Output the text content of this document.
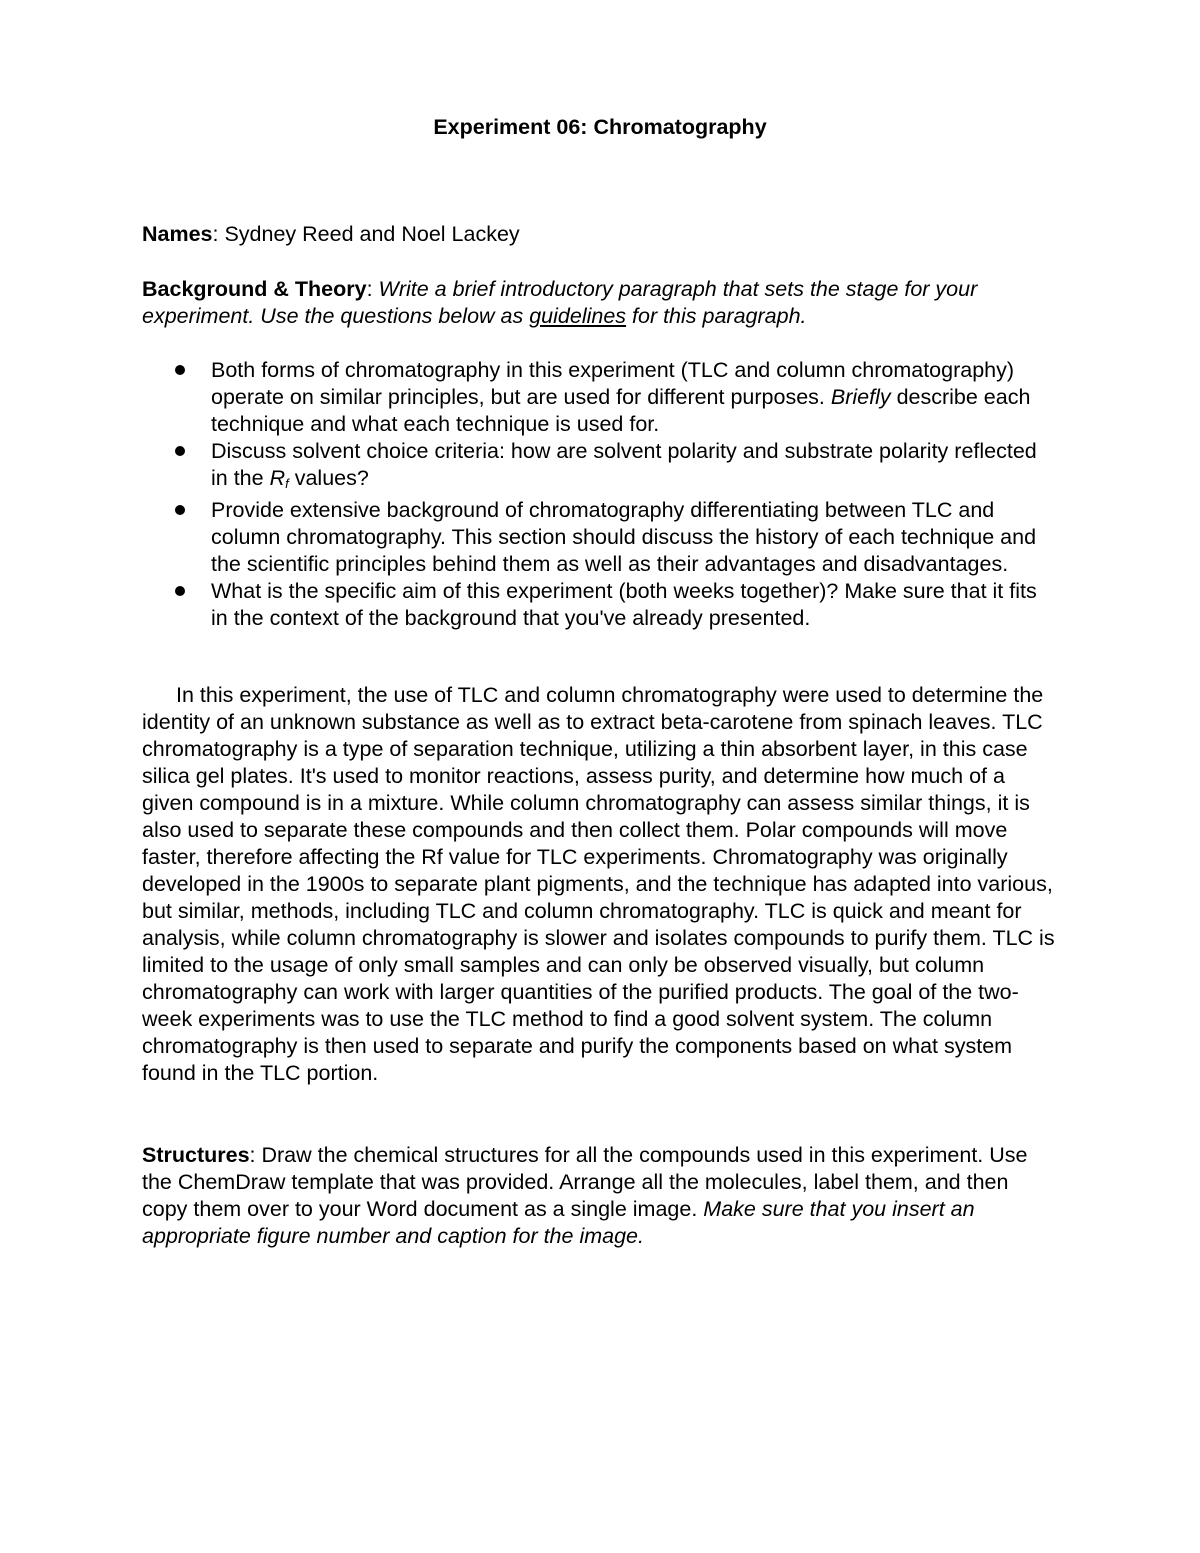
Experiment 06: Chromatography
Names: Sydney Reed and Noel Lackey
Background & Theory: Write a brief introductory paragraph that sets the stage for your experiment. Use the questions below as guidelines for this paragraph.
Both forms of chromatography in this experiment (TLC and column chromatography) operate on similar principles, but are used for different purposes. Briefly describe each technique and what each technique is used for.
Discuss solvent choice criteria: how are solvent polarity and substrate polarity reflected in the $R_f$ values?
Provide extensive background of chromatography differentiating between TLC and column chromatography. This section should discuss the history of each technique and the scientific principles behind them as well as their advantages and disadvantages.
What is the specific aim of this experiment (both weeks together)? Make sure that it fits in the context of the background that you've already presented.
In this experiment, the use of TLC and column chromatography were used to determine the identity of an unknown substance as well as to extract beta-carotene from spinach leaves. TLC chromatography is a type of separation technique, utilizing a thin absorbent layer, in this case silica gel plates. It's used to monitor reactions, assess purity, and determine how much of a given compound is in a mixture. While column chromatography can assess similar things, it is also used to separate these compounds and then collect them. Polar compounds will move faster, therefore affecting the Rf value for TLC experiments. Chromatography was originally developed in the 1900s to separate plant pigments, and the technique has adapted into various, but similar, methods, including TLC and column chromatography. TLC is quick and meant for analysis, while column chromatography is slower and isolates compounds to purify them. TLC is limited to the usage of only small samples and can only be observed visually, but column chromatography can work with larger quantities of the purified products. The goal of the two-week experiments was to use the TLC method to find a good solvent system. The column chromatography is then used to separate and purify the components based on what system found in the TLC portion.
Structures: Draw the chemical structures for all the compounds used in this experiment. Use the ChemDraw template that was provided. Arrange all the molecules, label them, and then copy them over to your Word document as a single image. Make sure that you insert an appropriate figure number and caption for the image.
